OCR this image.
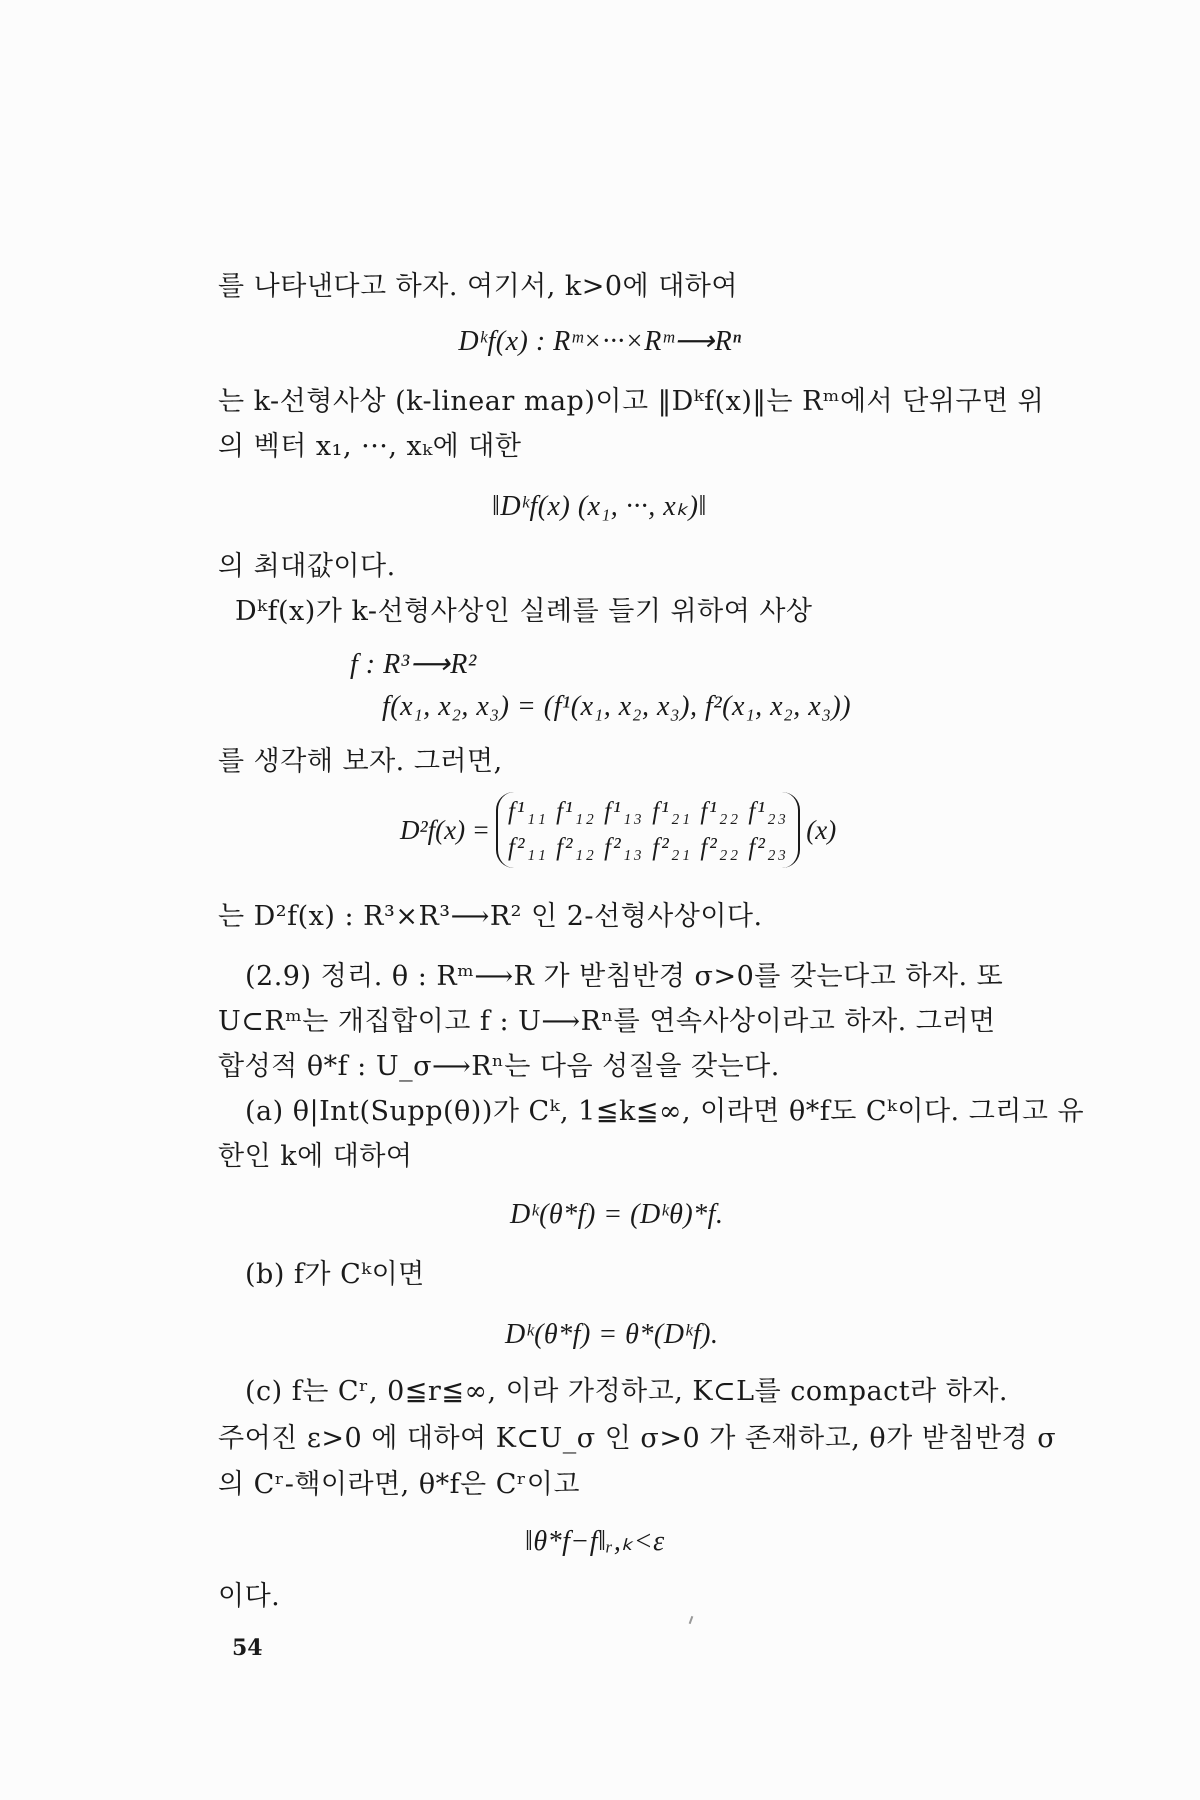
를 나타낸다고 하자. 여기서, k>0에 대하여
Dᵏf(x) : Rᵐ×···×Rᵐ⟶Rⁿ
는 k-선형사상 (k-linear map)이고 ‖Dᵏf(x)‖는 Rᵐ에서 단위구면 위
의 벡터 x₁, ···, xₖ에 대한
‖Dᵏf(x) (x₁, ···, xₖ)‖
의 최대값이다.
Dᵏf(x)가 k-선형사상인 실례를 들기 위하여 사상
f : R³⟶R²
f(x₁, x₂, x₃) = (f¹(x₁, x₂, x₃), f²(x₁, x₂, x₃))
를 생각해 보자. 그러면,
D²f(x) =
f¹₁₁ f¹₁₂ f¹₁₃ f¹₂₁ f¹₂₂ f¹₂₃
f²₁₁ f²₁₂ f²₁₃ f²₂₁ f²₂₂ f²₂₃
(x)
는 D²f(x) : R³×R³⟶R² 인 2-선형사상이다.
(2.9) 정리. θ : Rᵐ⟶R 가 받침반경 σ>0를 갖는다고 하자. 또
U⊂Rᵐ는 개집합이고 f : U⟶Rⁿ를 연속사상이라고 하자. 그러면
합성적 θ*f : U_σ⟶Rⁿ는 다음 성질을 갖는다.
(a) θ|Int(Supp(θ))가 Cᵏ, 1≦k≦∞, 이라면 θ*f도 Cᵏ이다. 그리고 유
한인 k에 대하여
Dᵏ(θ*f) = (Dᵏθ)*f.
(b) f가 Cᵏ이면
Dᵏ(θ*f) = θ*(Dᵏf).
(c) f는 Cʳ, 0≦r≦∞, 이라 가정하고, K⊂L를 compact라 하자.
주어진 ε>0 에 대하여 K⊂U_σ 인 σ>0 가 존재하고, θ가 받침반경 σ
의 Cʳ-핵이라면, θ*f은 Cʳ이고
‖θ*f−f‖ᵣ,ₖ<ε
이다.
54
